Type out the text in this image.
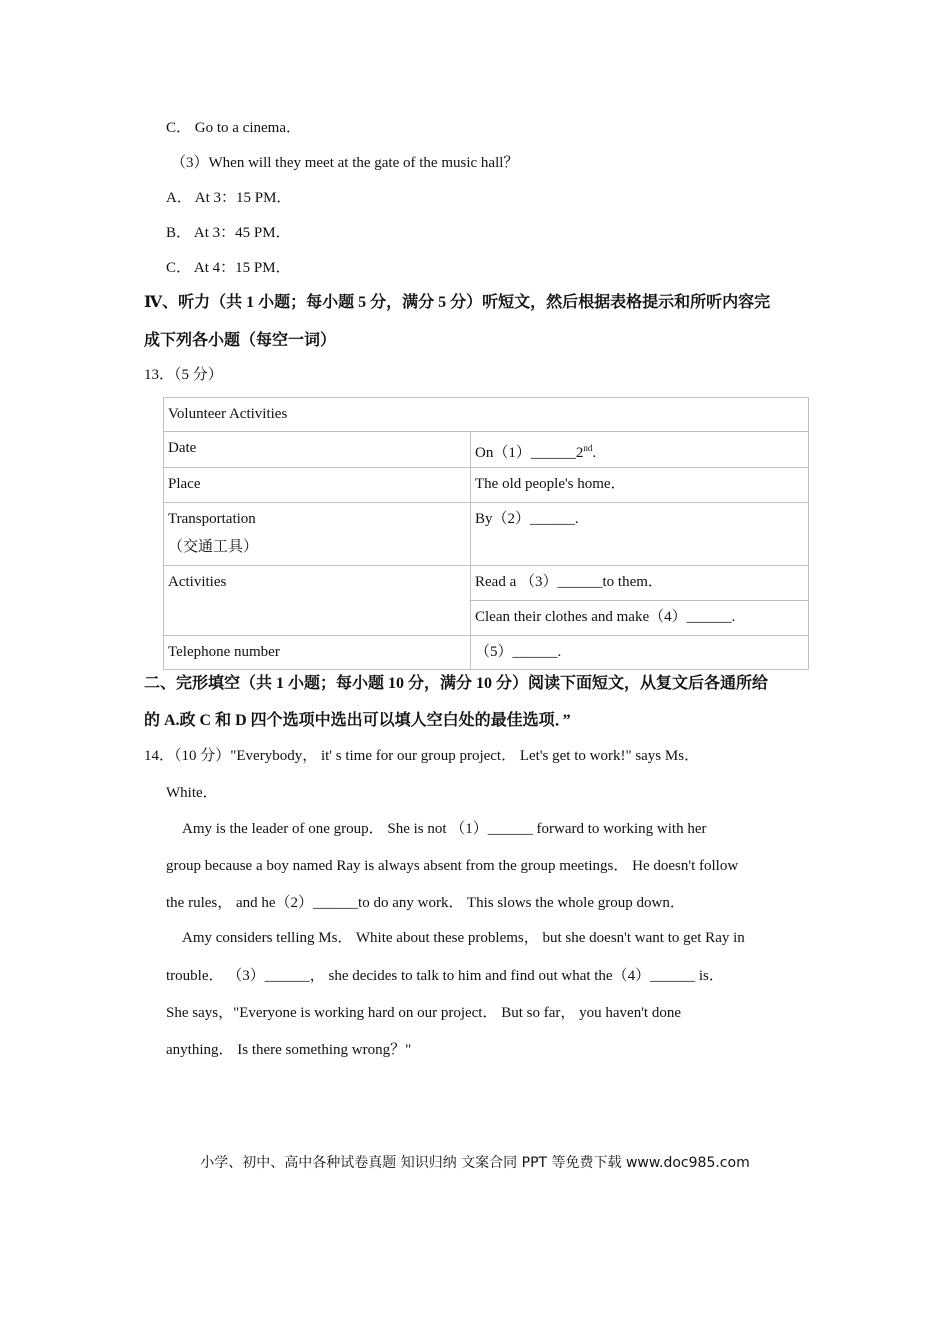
C． Go to a cinema．
（3）When will they meet at the gate of the music hall？
A． At 3：15 PM．
B． At 3：45 PM．
C． At 4：15 PM．
Ⅳ、听力（共 1 小题；每小题 5 分，满分 5 分）听短文，然后根据表格提示和所听内容完
成下列各小题（每空一词）
13．（5 分）
Volunteer Activities	
Date	On（1）______2nd.
Place	The old people's home．

Transportation
（交通工具）	By（2）______.
Activities	Read a （3）______to them．
	Clean their clothes and make（4）______.
Telephone number	（5）______.
二、完形填空（共 1 小题；每小题 10 分，满分 10 分）阅读下面短文，从复文后各通所给
的 A.政 C 和 D 四个选项中选出可以填人空白处的最佳选项．”
14．（10 分）"Everybody， it' s time for our group project． Let's get to work!" says Ms．
White．
Amy is the leader of one group． She is not （1）______ forward to working with her
group because a boy named Ray is always absent from the group meetings． He doesn't follow
the rules， and he（2）______to do any work． This slows the whole group down．
Amy considers telling Ms． White about these problems， but she doesn't want to get Ray in
trouble． （3）______， she decides to talk to him and find out what the（4）______ is．
She says，"Everyone is working hard on our project． But so far， you haven't done
anything． Is there something wrong？"
小学、初中、高中各种试卷真题 知识归纳 文案合同 PPT 等免费下载 www.doc985.com
